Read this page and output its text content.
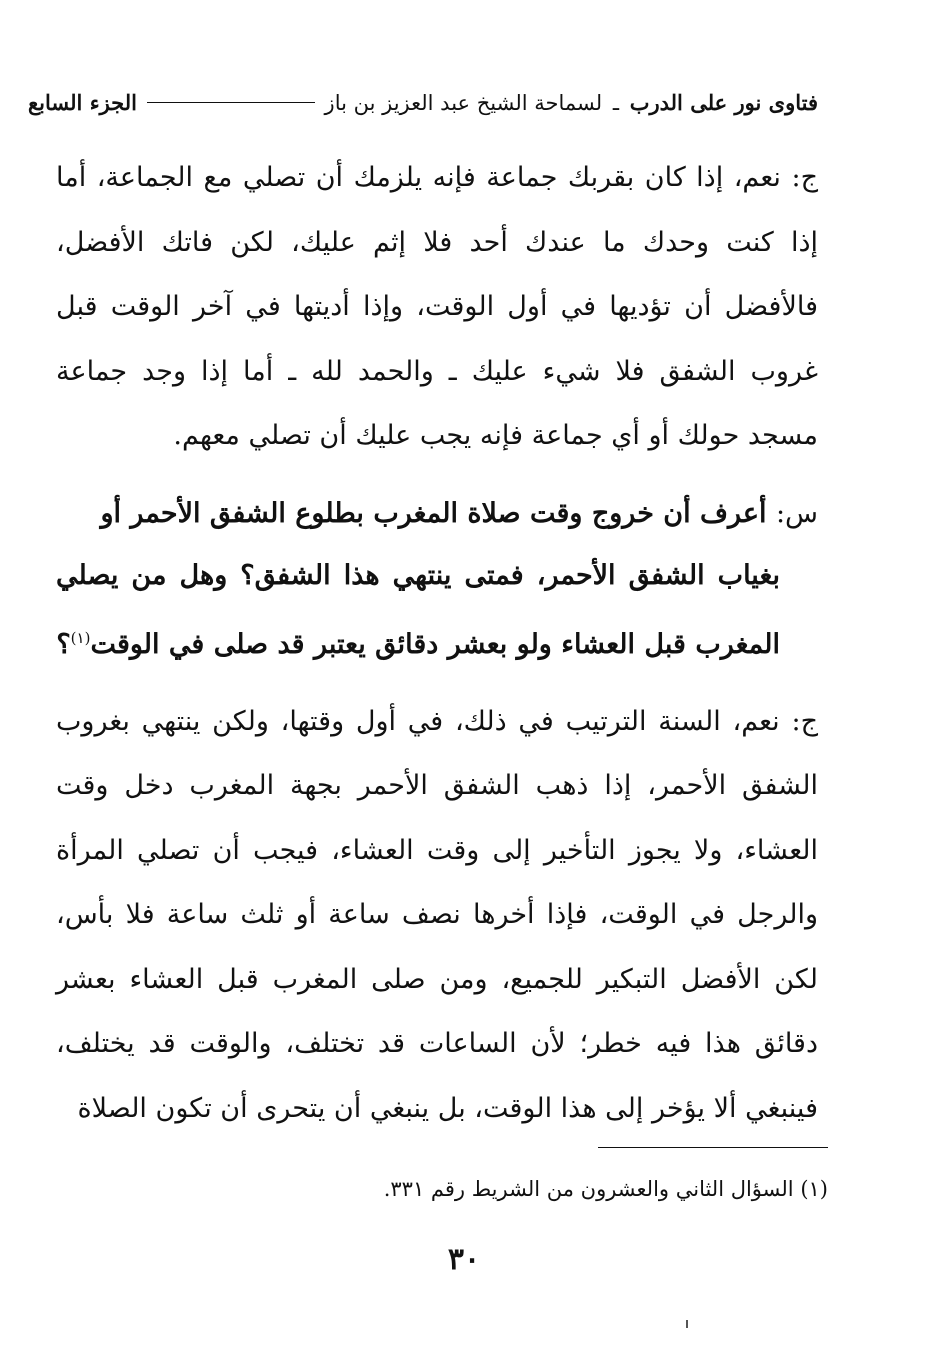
فتاوى نور على الدرب ـ لسماحة الشيخ عبد العزيز بن باز
الجزء السابع

ج: نعم، إذا كان بقربك جماعة فإنه يلزمك أن تصلي مع الجماعة، أما إذا كنت وحدك ما عندك أحد فلا إثم عليك، لكن فاتك الأفضل، فالأفضل أن تؤديها في أول الوقت، وإذا أديتها في آخر الوقت قبل غروب الشفق فلا شيء عليك ـ والحمد لله ـ أما إذا وجد جماعة مسجد حولك أو أي جماعة فإنه يجب عليك أن تصلي معهم.

س: أعرف أن خروج وقت صلاة المغرب بطلوع الشفق الأحمر أو
بغياب الشفق الأحمر، فمتى ينتهي هذا الشفق؟ وهل من يصلي المغرب قبل العشاء ولو بعشر دقائق يعتبر قد صلى في الوقت$^{(١)}$؟

ج: نعم، السنة الترتيب في ذلك، في أول وقتها، ولكن ينتهي بغروب الشفق الأحمر، إذا ذهب الشفق الأحمر بجهة المغرب دخل وقت العشاء، ولا يجوز التأخير إلى وقت العشاء، فيجب أن تصلي المرأة والرجل في الوقت، فإذا أخرها نصف ساعة أو ثلث ساعة فلا بأس، لكن الأفضل التبكير للجميع، ومن صلى المغرب قبل العشاء بعشر دقائق هذا فيه خطر؛ لأن الساعات قد تختلف، والوقت قد يختلف، فينبغي ألا يؤخر إلى هذا الوقت، بل ينبغي أن يتحرى أن تكون الصلاة

(١) السؤال الثاني والعشرون من الشريط رقم ٣٣١.
٣٠
